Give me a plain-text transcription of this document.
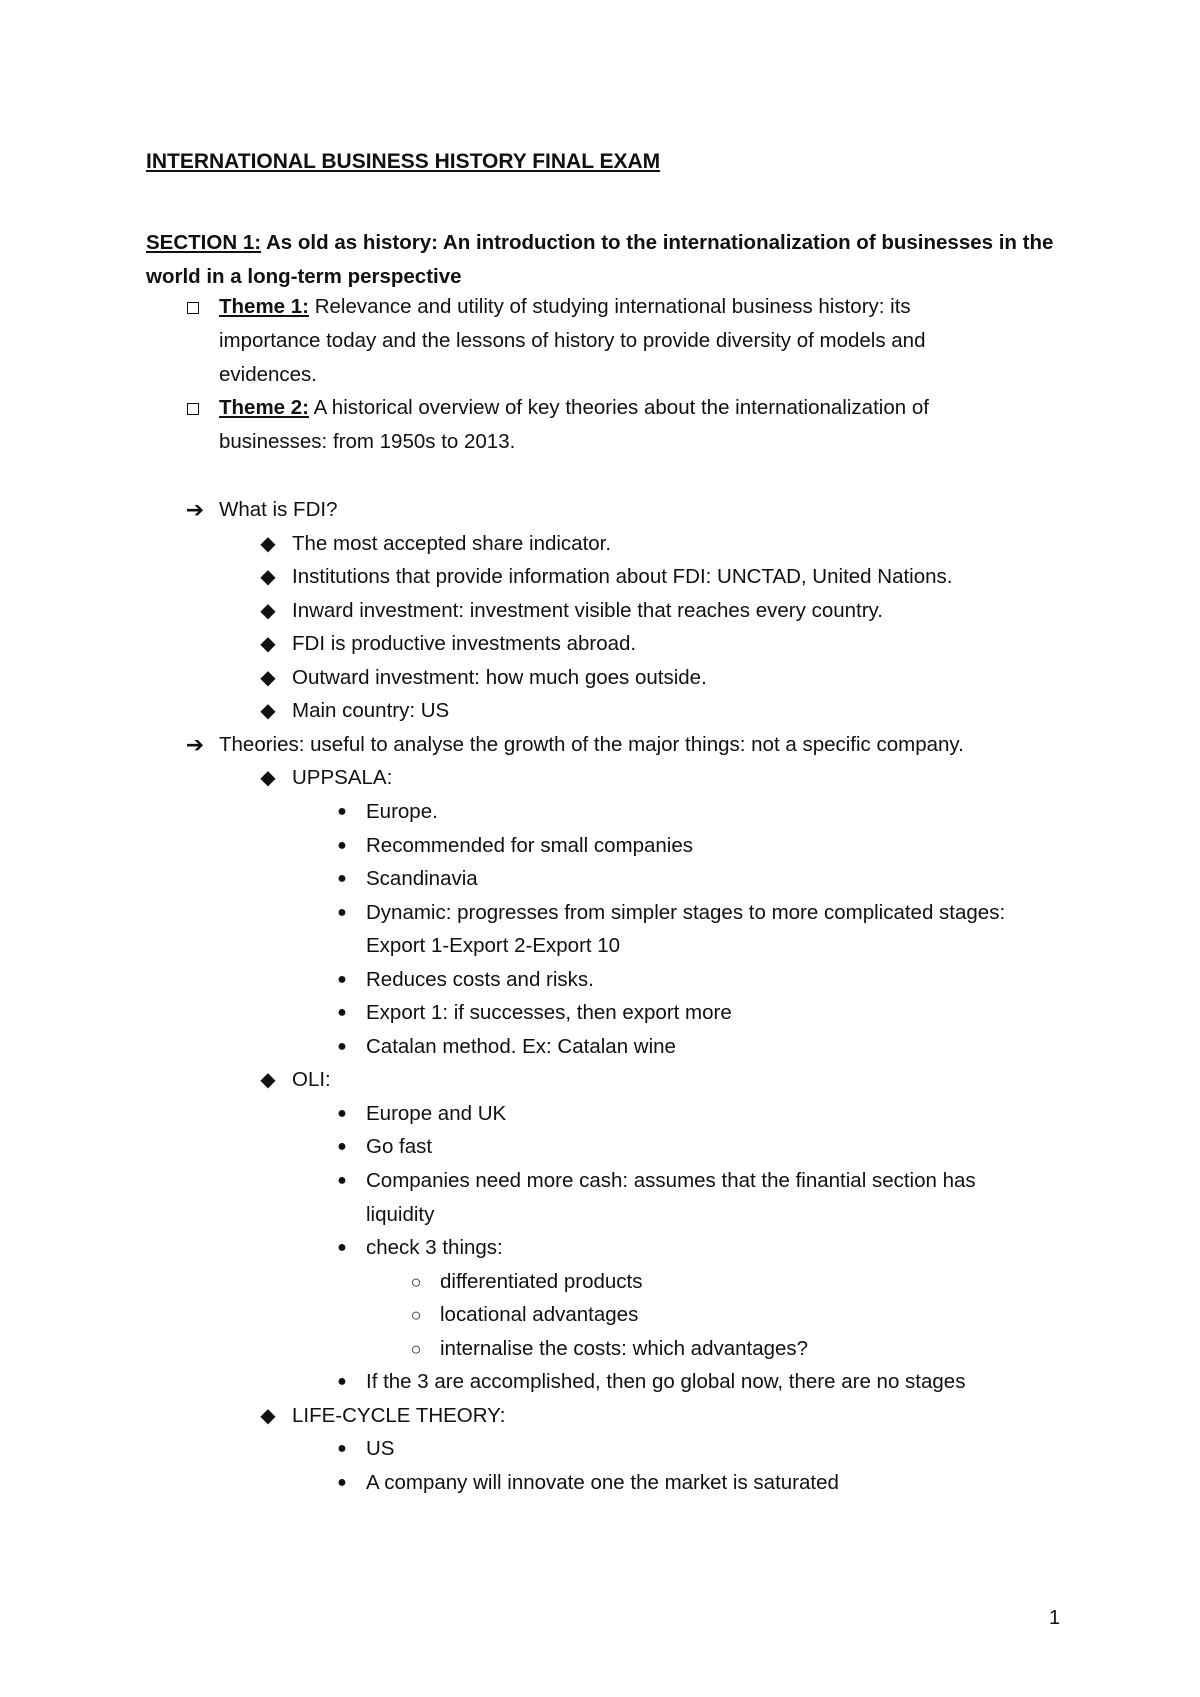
INTERNATIONAL BUSINESS HISTORY FINAL EXAM
SECTION 1: As old as history: An introduction to the internationalization of businesses in the world in a long-term perspective
Theme 1: Relevance and utility of studying international business history: its
importance today and the lessons of history to provide diversity of models and
evidences.
Theme 2: A historical overview of key theories about the internationalization of
businesses: from 1950s to 2013.
➔ What is FDI?
◆ The most accepted share indicator.
◆ Institutions that provide information about FDI: UNCTAD, United Nations.
◆ Inward investment: investment visible that reaches every country.
◆ FDI is productive investments abroad.
◆ Outward investment: how much goes outside.
◆ Main country: US
➔ Theories: useful to analyse the growth of the major things: not a specific company.
◆ UPPSALA:
● Europe.
● Recommended for small companies
● Scandinavia
● Dynamic: progresses from simpler stages to more complicated stages:
Export 1-Export 2-Export 10
● Reduces costs and risks.
● Export 1: if successes, then export more
● Catalan method. Ex: Catalan wine
◆ OLI:
● Europe and UK
● Go fast
● Companies need more cash: assumes that the finantial section has
liquidity
● check 3 things:
○ differentiated products
○ locational advantages
○ internalise the costs: which advantages?
● If the 3 are accomplished, then go global now, there are no stages
◆ LIFE-CYCLE THEORY:
● US
● A company will innovate one the market is saturated
1
